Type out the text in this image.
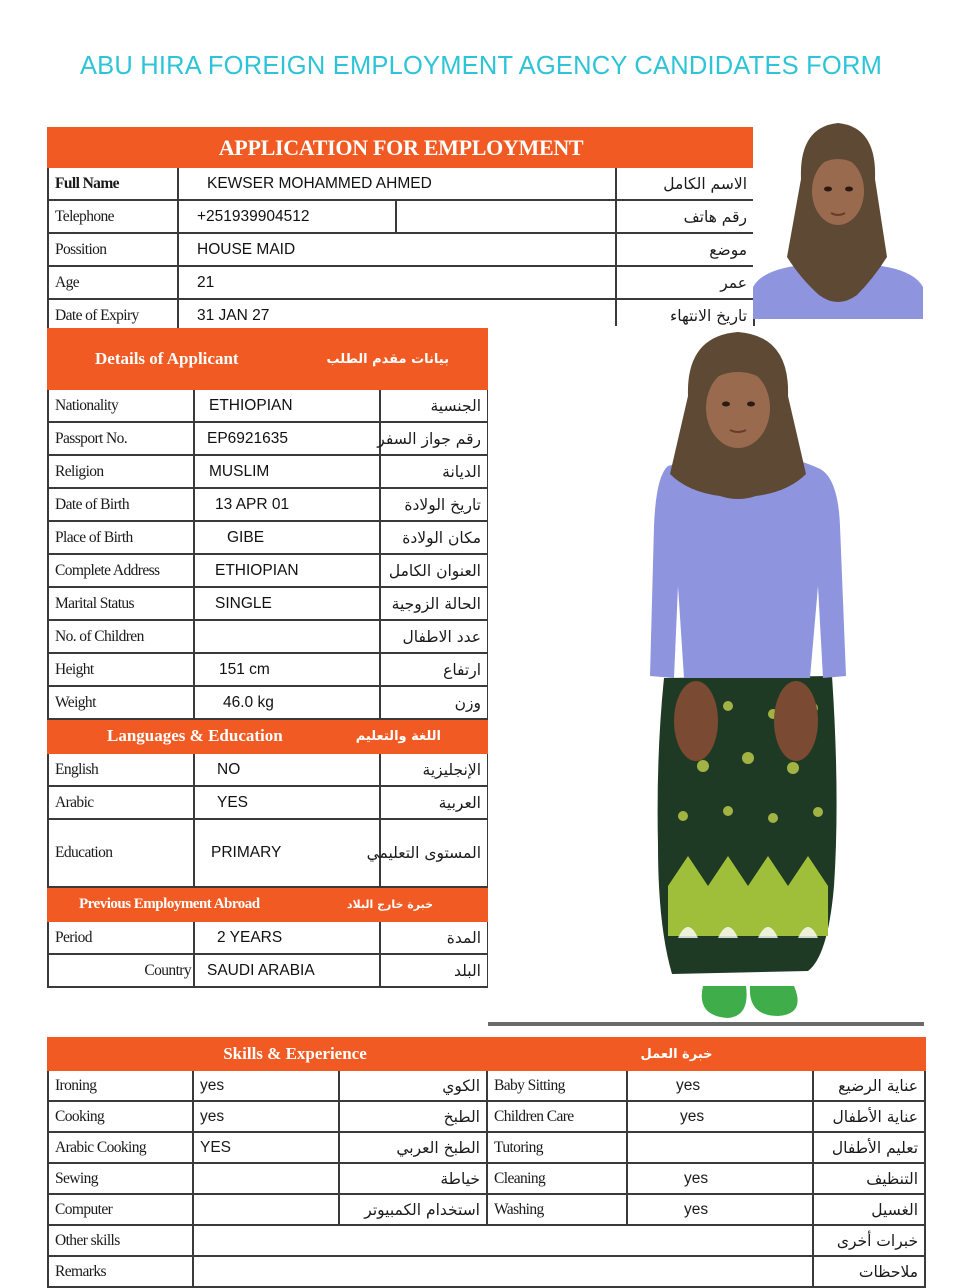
ABU HIRA FOREIGN EMPLOYMENT AGENCY CANDIDATES FORM
APPLICATION FOR EMPLOYMENT			
Full Name	KEWSER MOHAMMED AHMED		الاسم الكامل
Telephone	+251939904512		رقم هاتف
Possition	HOUSE MAID		موضع
Age	21		عمر
Date of Expiry	31 JAN 27		تاريخ الانتهاء
Details of Applicant بيانات مقدم الطلب		

Nationality	ETHIOPIAN	الجنسية
Passport No.	EP6921635	رقم جواز السفر
Religion	MUSLIM	الديانة
Date of Birth	13 APR 01	تاريخ الولادة
Place of Birth	GIBE	مكان الولادة
Complete Address	ETHIOPIAN	العنوان الكامل
Marital Status	SINGLE	الحالة الزوجية
No. of Children		عدد الاطفال
Height	151 cm	ارتفاع
Weight	46.0 kg	وزن

Languages & Education اللغة والتعليم		

English	NO	الإنجليزية
Arabic	YES	العربية
Education	PRIMARY	المستوى التعليمي

Previous Employment Abroad خبرة خارج البلاد		

Period	2 YEARS	المدة
Country	SAUDI ARABIA	البلد
Skills & Experience خبرة العمل					

Ironing	yes	الكوي	Baby Sitting	yes	عناية الرضيع
Cooking	yes	الطبخ	Children Care	yes	عناية الأطفال
Arabic Cooking	YES	الطبخ العربي	Tutoring		تعليم الأطفال
Sewing		خياطة	Cleaning	yes	التنظيف
Computer		استخدام الكمبيوتر	Washing	yes	الغسيل
Other skills					خبرات أخرى
Remarks					ملاحظات
